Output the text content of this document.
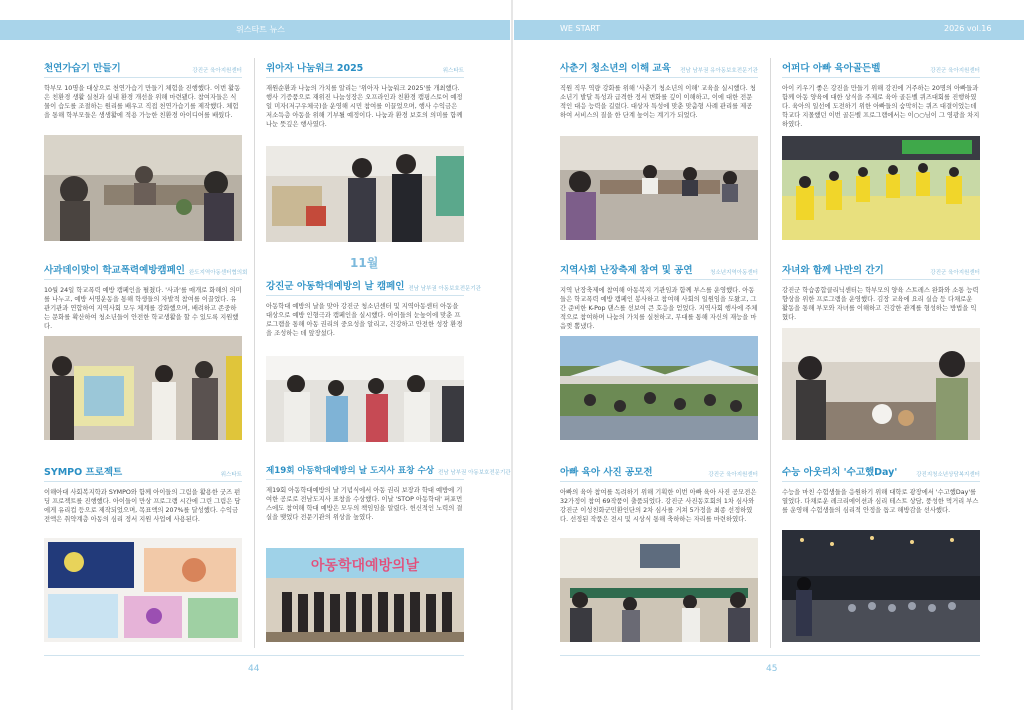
위스타트 뉴스	WE START	2026 vol.16
천연가습기 만들기	강진군 육아지원센터
학부모 10명을 대상으로 천연가습기 만들기 체험을 진행했다. 이번 활동은 친환경 생활 실천과 실내 환경 개선을 위해 마련됐다. 참여자들은 식물이 습도를 조절하는 원리를 배우고 직접 천연가습기를 제작했다. 체험을 통해 학부모들은 생생활에 적용 가능한 친환경 아이디어를 배웠다.
사과데이맞이 학교폭력예방캠페인 완도지역아동센터협의회
10월 24일 학교폭력 예방 캠페인을 펼쳤다. '사과'를 매개로 화해의 의미를 나누고, 예방 서명운동을 통해 학생들의 자발적 참여를 이끌었다. 유관기관과 연합하여 지역사회 모두 체계를 강화했으며, 배려하고 존중하는 문화를 확산하여 청소년들이 안전한 학교생활을 할 수 있도록 지원했다.
SYMPO 프로젝트	위스타트
이해아대 사회복지학과 SYMPO와 함께 아이들의 그림을 활용한 굿즈 펀딩 프로젝트를 진행했다. 아이들이 만상 프로그램 시간에 그린 그림은 담에게 유리컵 등으로 제작되었으며, 목표액의 207%를 달성했다. 수익금 전액은 취약계층 아동의 심리 정서 지원 사업에 사용된다.
위아자 나눔워크 2025	위스타트
재원순환과 나눔의 가치를 알리는 '위아자 나눔워크 2025'를 개최했다. 행사 기증품으로 재위진 나눔성장은 오프라인과 친환경 캠핑스토어 예정일 미자(저구우체국)을 운영해 시민 참여를 이끌었으며, 행사 수익금은 저소득층 아동을 위해 기부될 예정이다. 나눔과 환경 보호의 의미를 함께 나눈 뜻깊은 행사였다.
11월
강진군 아동학대예방의 날 캠페인 전남 남부권 아동보호전문기관
아동학대 예방의 날을 맞아 강진군 청소년센터 및 지역아동센터 아동을 대상으로 예방 인형극과 캠페인을 실시했다. 아이들의 눈높이에 맞춘 프로그램을 통해 아동 권리의 중요성을 알리고, 건강하고 안전한 성장 환경을 조성하는 데 앞장섰다.
제19회 아동학대예방의 날 도지사 표창 수상 전남 남부권 아동보호전문기관
제19회 아동학대예방의 날 기념식에서 아동 권리 보장과 학대 예방에 기여한 공로로 전남도지사 표창을 수상했다. 이날 'STOP 아동학대' 퍼포먼스에도 참여해 학대 예방은 모두의 책임임을 알렸다. 헌신적인 노력의 결실을 맺었다 전문기관의 위상을 높였다.
아동학대예방의날
44
사춘기 청소년의 이해 교육 전남 남부권 유아동보호전문기관
직원 직무 역량 강화를 위해 '사춘기 청소년의 이해' 교육을 실시했다. 청소년기 발달 특성과 급격한 정서 변화를 깊이 이해하고, 이에 대한 전문적인 대응 능력을 길렀다. 대상자 특성에 맞춘 맞춤형 사례 관리를 제공하여 서비스의 질을 한 단계 높이는 계기가 되었다.
지역사회 난장축제 참여 및 공연	청소년지역아동센터
지역 난장축제에 참여해 아동복지 기관임과 함께 부스를 운영했다. 아동들은 학교폭력 예방 캠페인 봉사하고 참여해 사회의 일원임을 도왔고, 그간 준비한 K-Pop 댄스를 선보여 큰 호응을 얻었다. 지역사회 행사에 주체적으로 참여하며 나눔의 가치를 실천하고, 무대를 통해 자신의 재능을 마음껏 뽐냈다.
아빠 육아 사진 공모전	강진군 육아지원센터
아빠의 육아 참여를 독려하기 위해 기획한 이번 아빠 육아 사진 공모전은 32가정이 참여 69작품이 출품되었다. 강진군 사진동호회의 1차 심사와 강진군 이성친화군민환인단의 2차 심사를 거쳐 5가정을 최종 선정하였다. 선정된 작품은 전시 및 시상식 통해 축하하는 자리를 마련하였다.
어퍼다 아빠 육아골든벨	강진군 육아지원센터
아이 키우기 좋은 강진을 만들기 위해 강진에 거주하는 20명의 아빠들과 함께 아동 양육에 대한 상식을 주제로 육아 골든벨 퀴즈대회를 진행하였다. 육아의 일선에 도전하기 위한 아빠들의 숨막히는 퀴즈 대결이었는데 학교다 지몰했던 이번 골든벨 프로그램에서는 이○○님이 그 영광을 차지하였다.
자녀와 함께 나만의 간기	강진군 육아지원센터
강진군 학습종합클리닉센터는 학부모의 양육 스트레스 완화와 소통 능력 향상을 위한 프로그램을 운영했다. 김장 교육에 요리 실습 등 다채로운 활동을 통해 부모와 자녀를 이해하고 건강한 관계를 형성하는 방법을 익혔다.
수능 아웃리치 '수고했Day'	강진지청소년상담복지센터
수능을 마친 수험생들을 응원하기 위해 대학로 광장에서 '수고했Day'를 열었다. 다채로운 레크리에이션과 심리 테스트 상담, 풍성한 먹거리 부스를 운영해 수험생들의 심리적 안정을 돕고 해방감을 선사했다.
45
